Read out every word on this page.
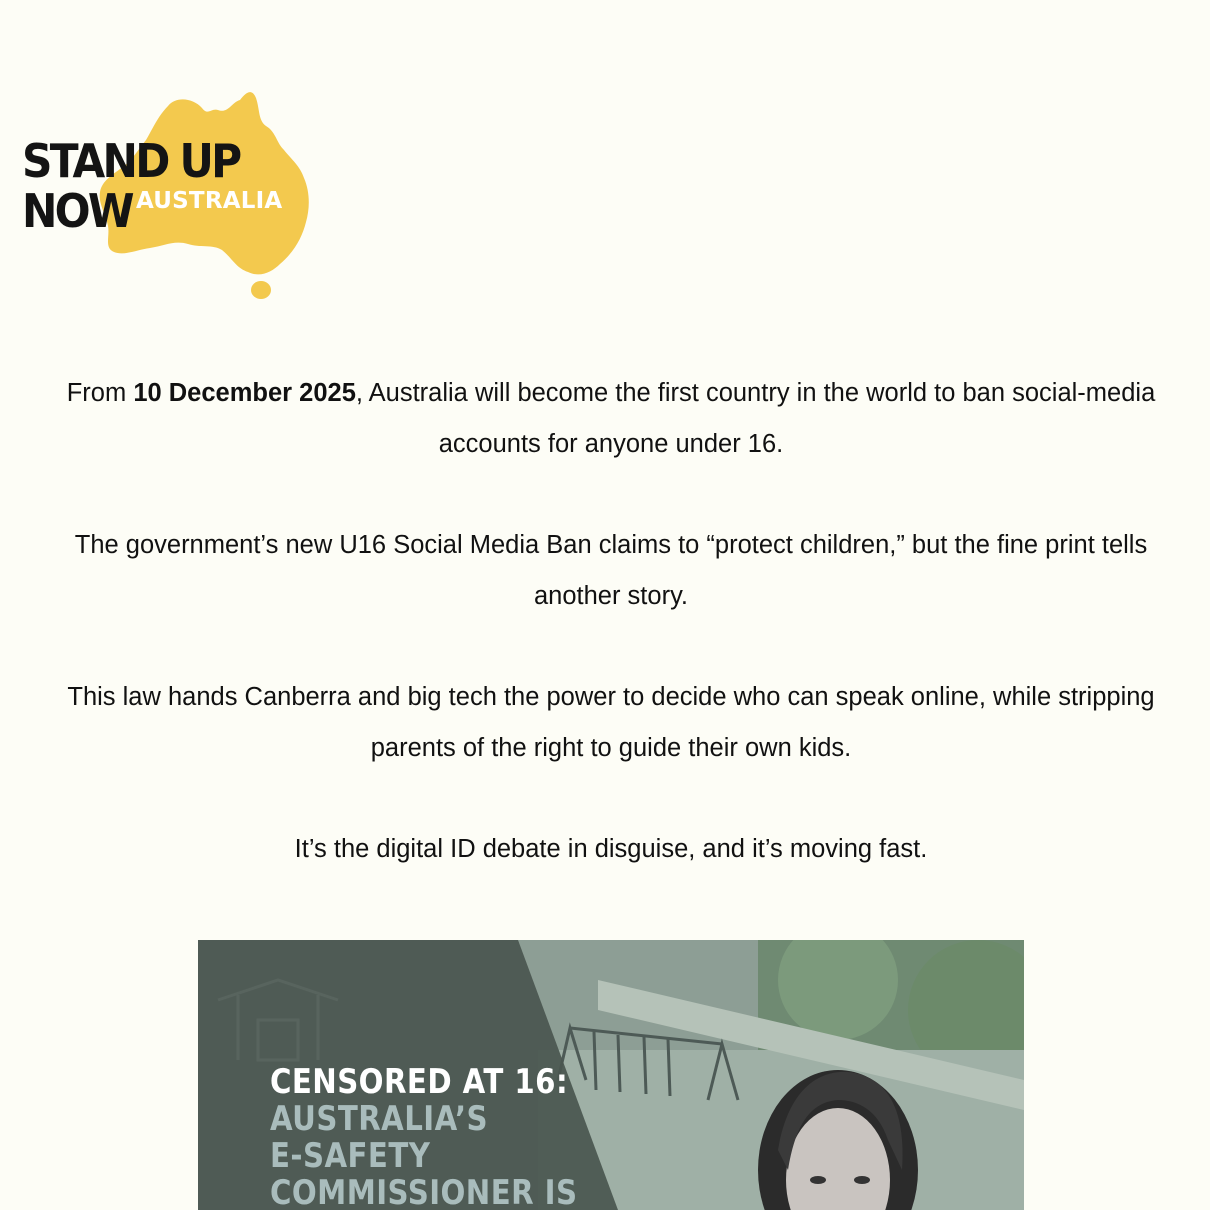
STAND UP
NOW AUSTRALIA

From 10 December 2025, Australia will become the first country in the world to ban social-media accounts for anyone under 16.

The government’s new U16 Social Media Ban claims to “protect children,” but the fine print tells another story.

This law hands Canberra and big tech the power to decide who can speak online, while stripping parents of the right to guide their own kids.

It’s the digital ID debate in disguise, and it’s moving fast.

CENSORED AT 16:
AUSTRALIA’S
E-SAFETY
COMMISSIONER IS
